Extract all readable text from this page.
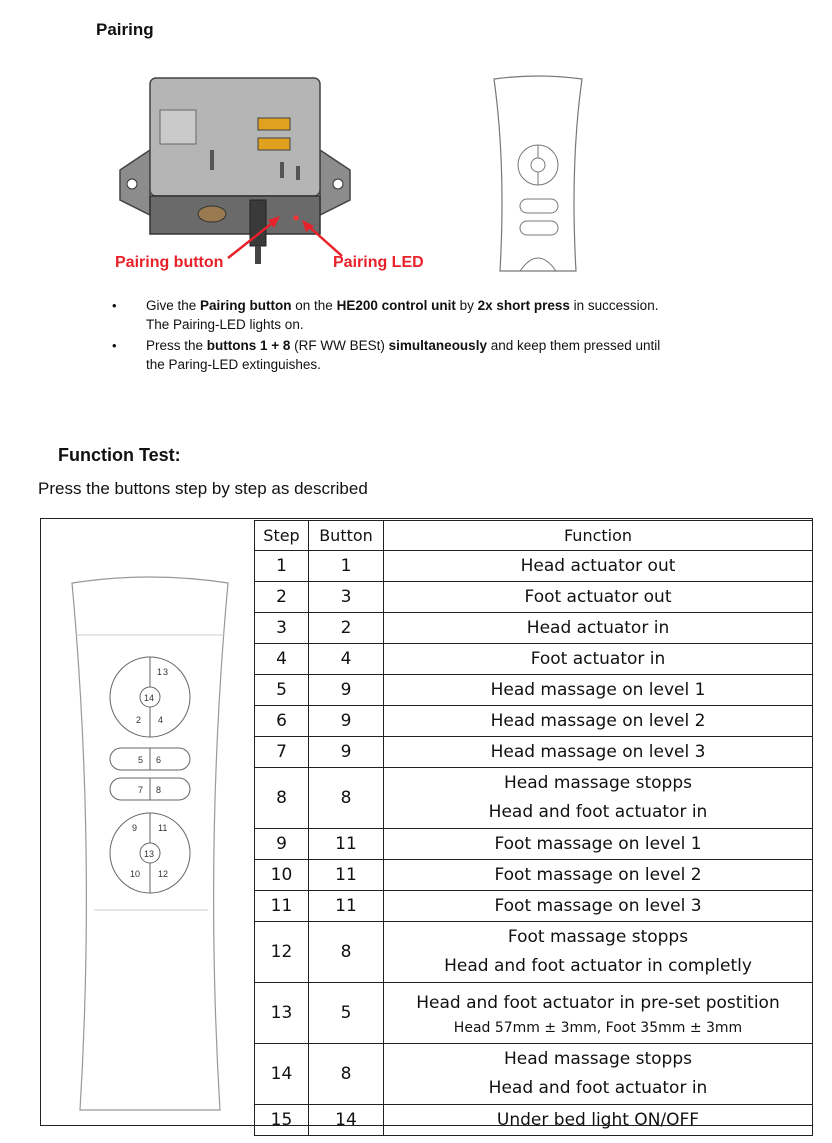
Pairing
Pairing button	Pairing LED
• Give the Pairing button on the HE200 control unit by 2x short press in succession.
The Pairing-LED lights on.
• Press the buttons 1 + 8 (RF WW BESt) simultaneously and keep them pressed until
the Paring-LED extinguishes.
Function Test:
Press the buttons step by step as described
1 3
14
2 4
5 6
7 8
9 11
13
10 12
Step	Button	Function
1	1	Head actuator out
2	3	Foot actuator out
3	2	Head actuator in
4	4	Foot actuator in
5	9	Head massage on level 1
6	9	Head massage on level 2
7	9	Head massage on level 3
8	8	Head massage stopps
Head and foot actuator in

9	11	Foot massage on level 1
10	11	Foot massage on level 2
11	11	Foot massage on level 3
12	8	Foot massage stopps
Head and foot actuator in completly

13	5	Head and foot actuator in pre-set postition
Head 57mm ± 3mm, Foot 35mm ± 3mm

14	8	Head massage stopps
Head and foot actuator in

15	14	Under bed light ON/OFF
